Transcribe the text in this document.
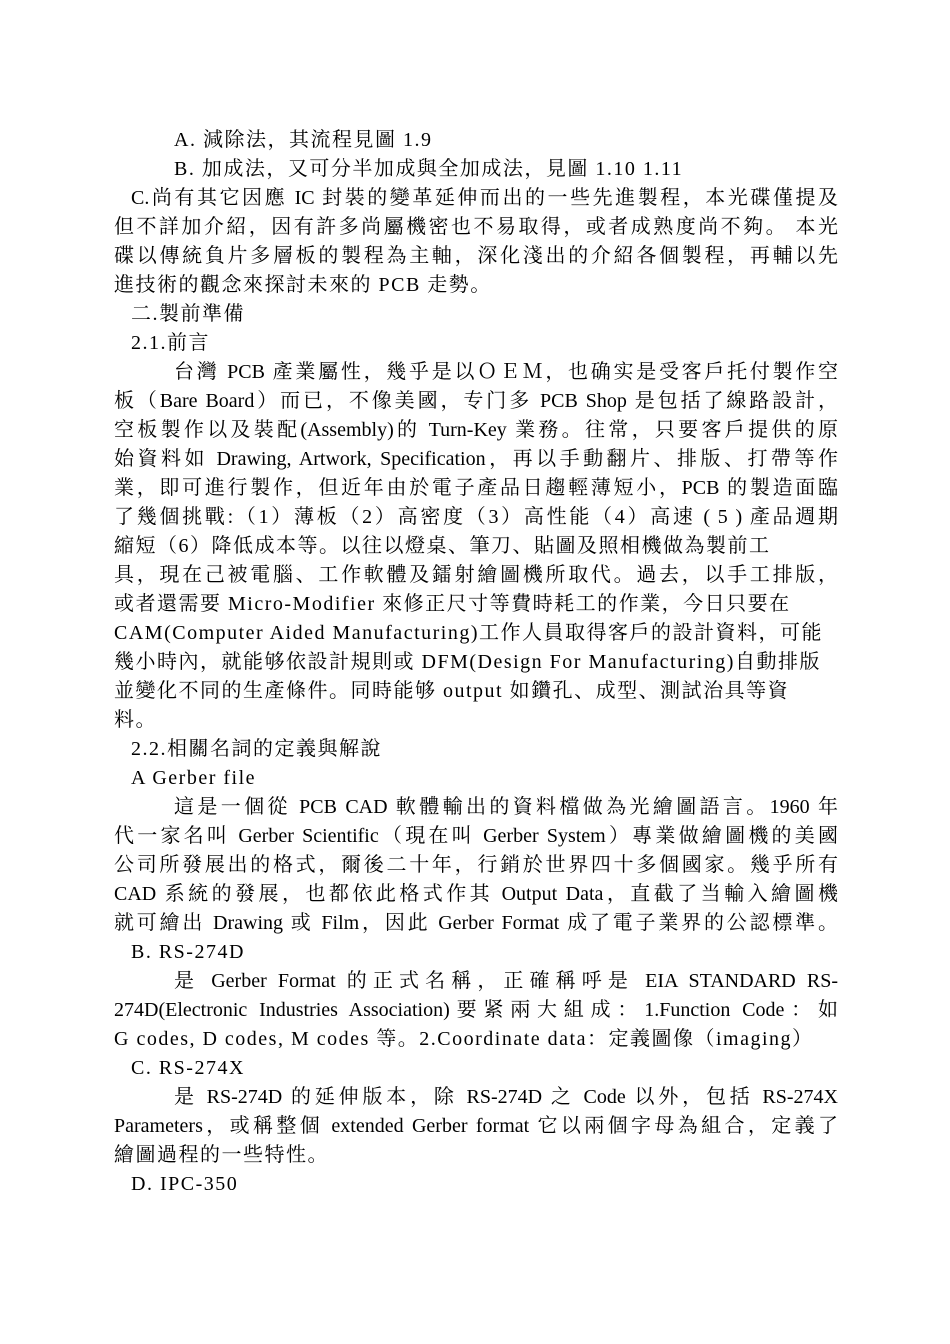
A. 減除法，其流程見圖 1.9
B. 加成法，又可分半加成與全加成法，見圖 1.10 1.11
C.尚有其它因應 IC 封裝的變革延伸而出的一些先進製程，本光碟僅提及
但不詳加介紹，因有許多尚屬機密也不易取得，或者成熟度尚不夠。 本光
碟以傳統負片多層板的製程為主軸，深化淺出的介紹各個製程，再輔以先
進技術的觀念來探討未來的 PCB 走勢。
二.製前準備
2.1.前言
台灣 PCB 產業屬性，幾乎是以ＯＥＭ，也确实是受客戶托付製作空
板（Bare Board）而已，不像美國，专门多 PCB Shop 是包括了線路設計，
空板製作以及裝配(Assembly)的 Turn-Key 業務。往常，只要客戶提供的原
始資料如 Drawing, Artwork, Specification，再以手動翻片、排版、打帶等作
業，即可進行製作，但近年由於電子產品日趨輕薄短小，PCB 的製造面臨
了幾個挑戰:（1）薄板（2）高密度（3）高性能（4）高速 ( 5 ) 產品週期
縮短（6）降低成本等。以往以燈桌、筆刀、貼圖及照相機做為製前工
具，現在己被電腦、工作軟體及鐳射繪圖機所取代。過去，以手工排版，
或者還需要 Micro-Modifier 來修正尺寸等費時耗工的作業，今日只要在
CAM(Computer Aided Manufacturing)工作人員取得客戶的設計資料，可能
幾小時內，就能够依設計規則或 DFM(Design For Manufacturing)自動排版
並變化不同的生產條件。同時能够 output 如鑽孔、成型、測試治具等資
料。
2.2.相關名詞的定義與解說
A Gerber file
這是一個從 PCB CAD 軟體輸出的資料檔做為光繪圖語言。1960 年
代一家名叫 Gerber Scientific（現在叫 Gerber System）專業做繪圖機的美國
公司所發展出的格式，爾後二十年，行銷於世界四十多個國家。幾乎所有
CAD 系統的發展，也都依此格式作其 Output Data，直截了当輸入繪圖機
就可繪出 Drawing 或 Film，因此 Gerber Format 成了電子業界的公認標準。
B. RS-274D
是 Gerber Format 的正式名稱，正確稱呼是 EIA STANDARD RS-
274D(Electronic Industries Association)要紧兩大組成：1.Function Code：如
G codes, D codes, M codes 等。2.Coordinate data：定義圖像（imaging）
C. RS-274X
是 RS-274D 的延伸版本，除 RS-274D 之 Code 以外，包括 RS-274X
Parameters，或稱整個 extended Gerber format 它以兩個字母為組合，定義了
繪圖過程的一些特性。
D. IPC-350
